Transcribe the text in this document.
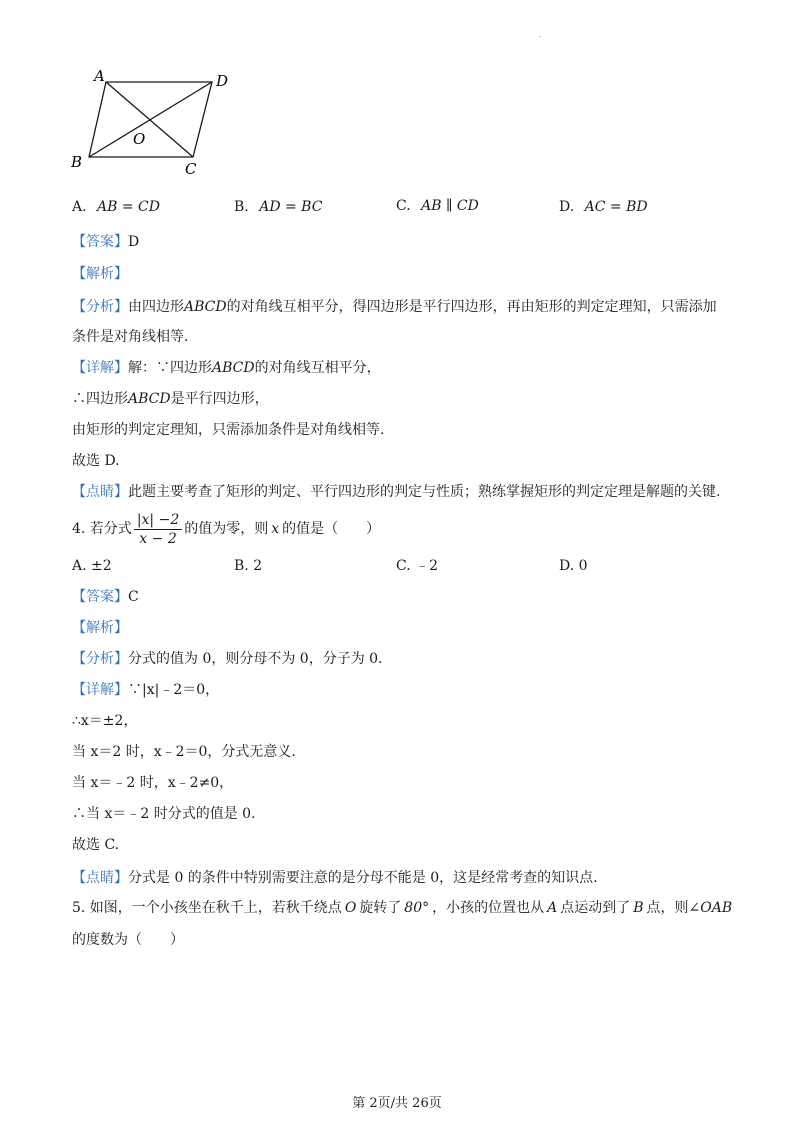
.
A	D
B	C
O
A. AB = CD	B. AD = BC	C. AB ∥ CD	D. AC = BD
【答案】D
【解析】
【分析】由四边形ABCD的对角线互相平分，得四边形是平行四边形，再由矩形的判定定理知，只需添加
条件是对角线相等.
【详解】解：∵四边形ABCD的对角线互相平分，
∴四边形ABCD是平行四边形，
由矩形的判定定理知，只需添加条件是对角线相等.
故选 D.
【点睛】此题主要考查了矩形的判定、平行四边形的判定与性质；熟练掌握矩形的判定定理是解题的关键.
4. 若分式 $\frac{|x| -2}{x - 2}$ 的值为零，则 x 的值是（　　）
A. ±2	B. 2	C. ﹣2	D. 0
【答案】C
【解析】
【分析】分式的值为 0，则分母不为 0，分子为 0.
【详解】∵|x|﹣2＝0，
∴x＝±2，
当 x＝2 时，x﹣2＝0，分式无意义.
当 x＝﹣2 时，x﹣2≠0，
∴当 x＝﹣2 时分式的值是 0.
故选 C.
【点睛】分式是 0 的条件中特别需要注意的是分母不能是 0，这是经常考查的知识点.
5. 如图，一个小孩坐在秋千上，若秋千绕点 O 旋转了 80° ，小孩的位置也从 A 点运动到了 B 点，则∠OAB
的度数为（　　）
第 2页/共 26页
